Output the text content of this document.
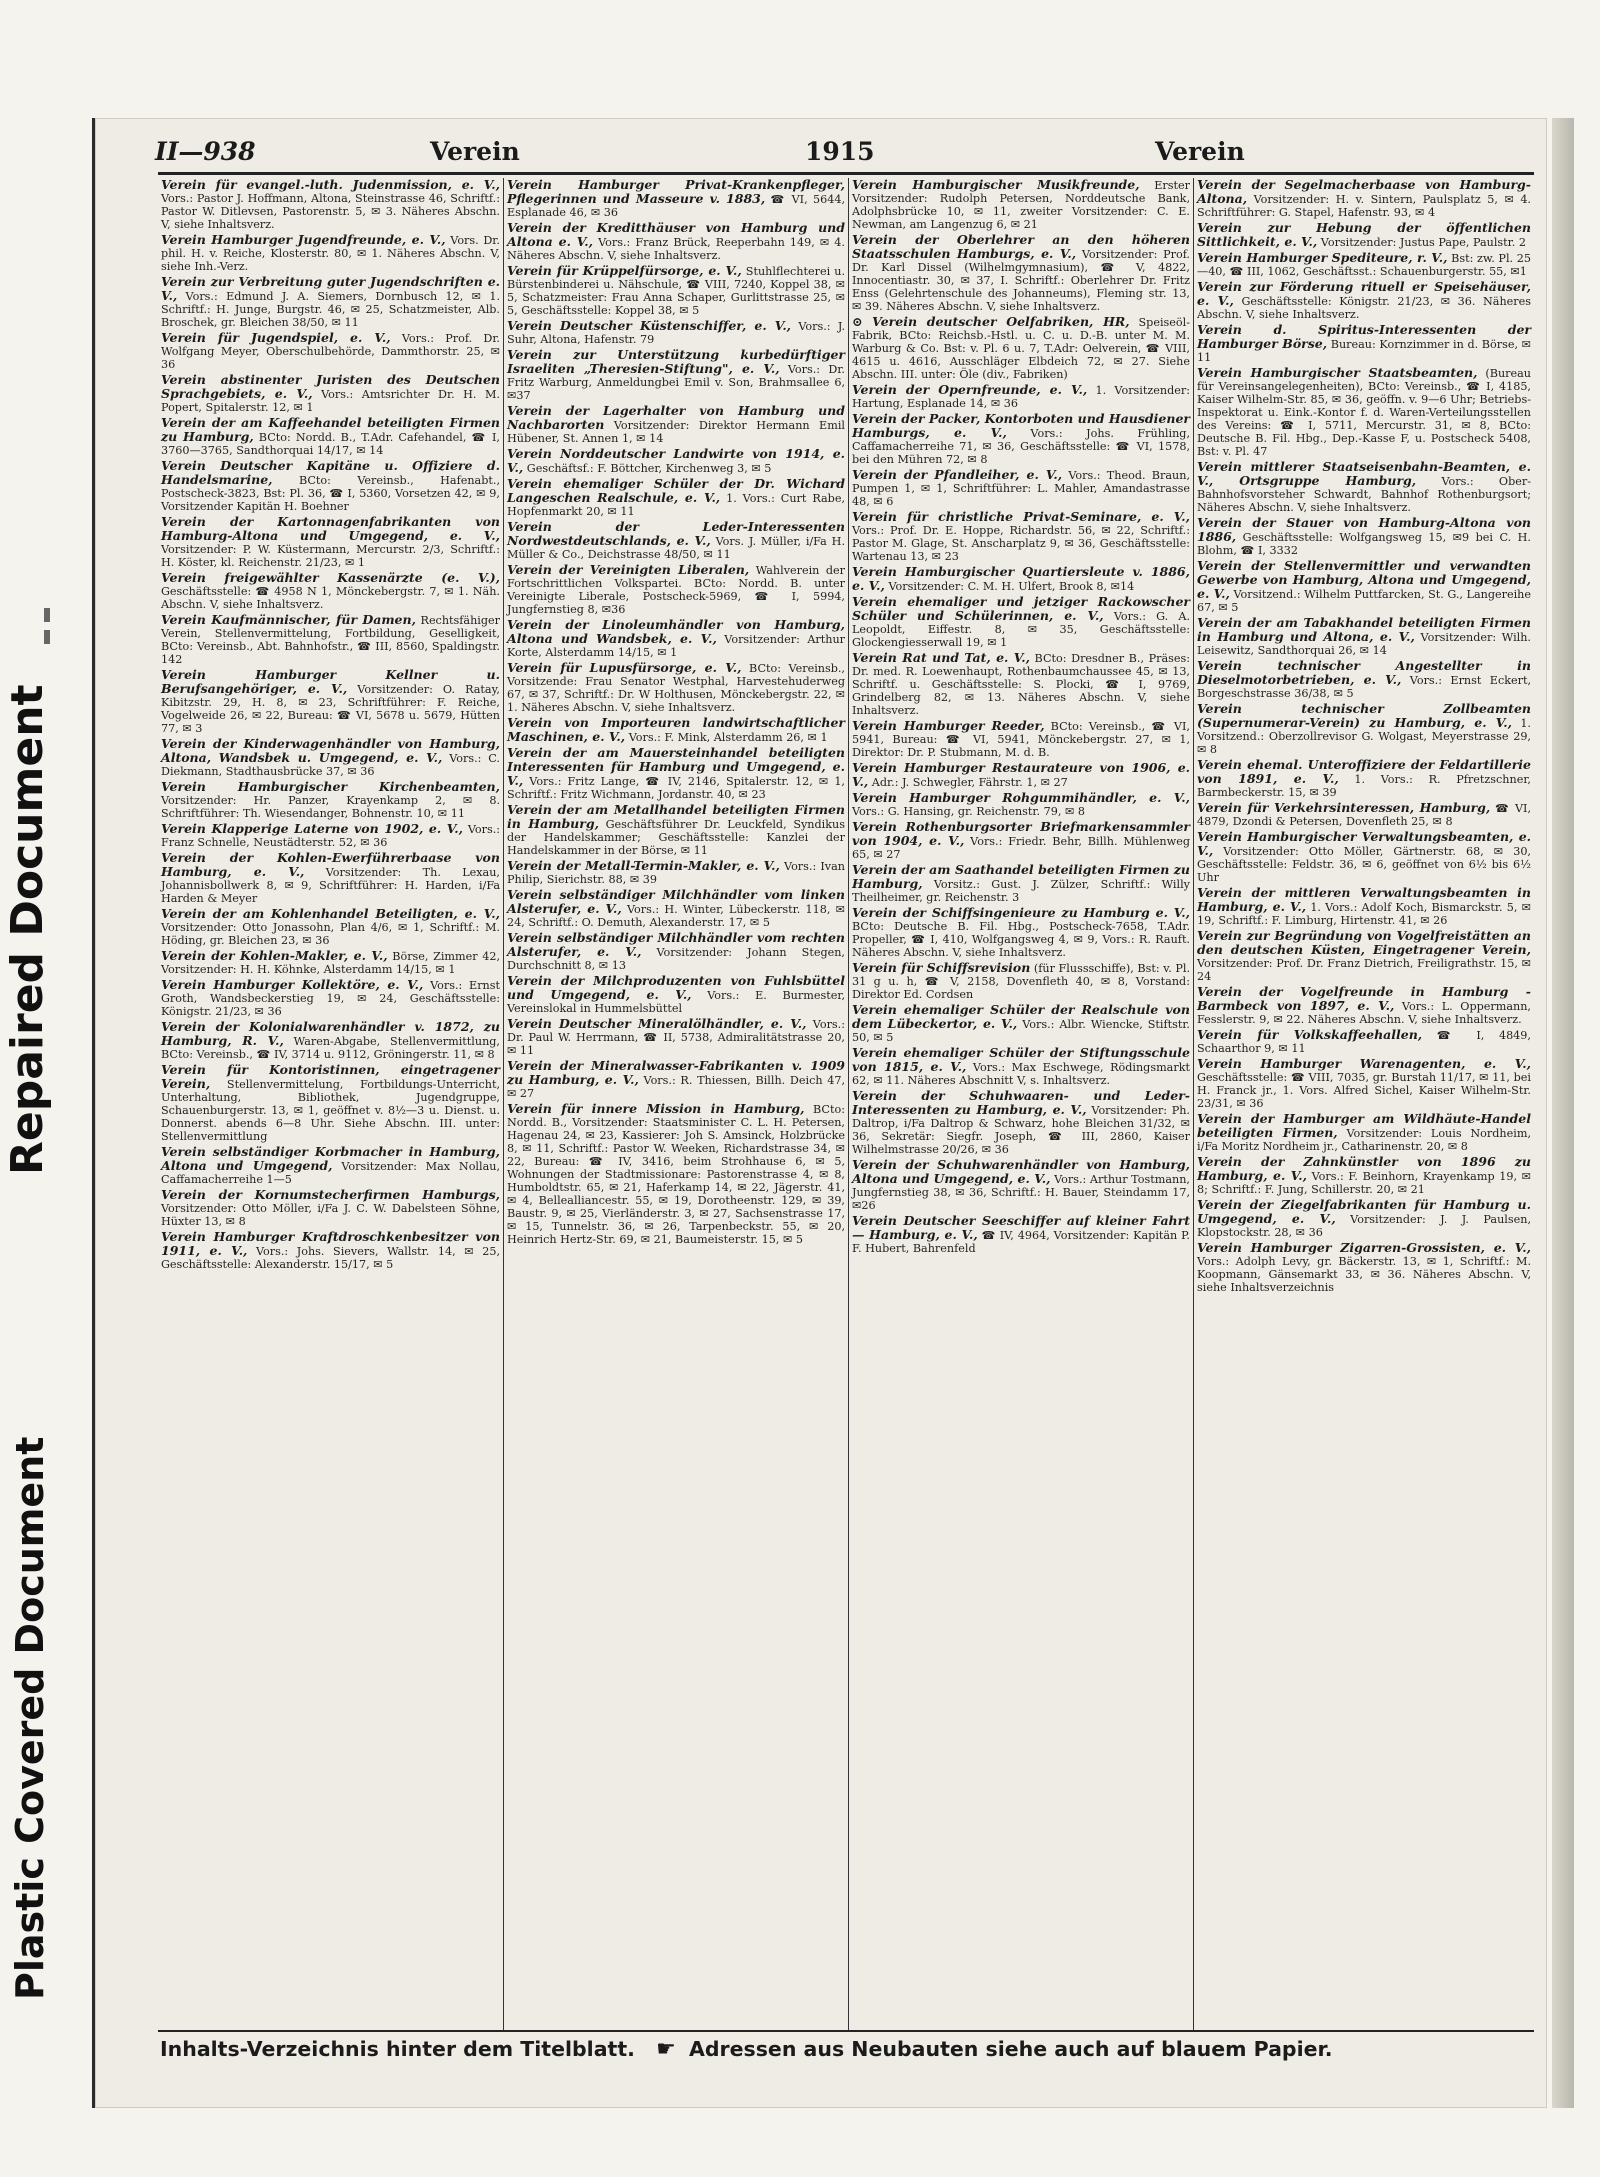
Repaired Document
Plastic Covered Document
II—938	Verein	1915	Verein

Verein für evangel.-luth. Judenmission, e. V., Vors.: Pastor J. Hoffmann, Altona, Steinstrasse 46, Schriftf.: Pastor W. Ditlevsen, Pastorenstr. 5, ✉ 3. Näheres Abschn. V, siehe Inhaltsverz.

Verein Hamburger Jugendfreunde, e. V., Vors. Dr. phil. H. v. Reiche, Klosterstr. 80, ✉ 1. Näheres Abschn. V, siehe Inh.-Verz.

Verein zur Verbreitung guter Jugendschriften e. V., Vors.: Edmund J. A. Siemers, Dornbusch 12, ✉ 1. Schriftf.: H. Junge, Burgstr. 46, ✉ 25, Schatzmeister, Alb. Broschek, gr. Bleichen 38/50, ✉ 11

Verein für Jugendspiel, e. V., Vors.: Prof. Dr. Wolfgang Meyer, Oberschulbehörde, Dammthorstr. 25, ✉ 36

Verein abstinenter Juristen des Deutschen Sprachgebiets, e. V., Vors.: Amtsrichter Dr. H. M. Popert, Spitalerstr. 12, ✉ 1

Verein der am Kaffeehandel beteiligten Firmen zu Hamburg, BCto: Nordd. B., T.Adr. Cafehandel, ☎ I, 3760—3765, Sandthorquai 14/17, ✉ 14

Verein Deutscher Kapitäne u. Offiziere d. Handelsmarine, BCto: Vereinsb., Hafenabt., Postscheck-3823, Bst: Pl. 36, ☎ I, 5360, Vorsetzen 42, ✉ 9, Vorsitzender Kapitän H. Boehner

Verein der Kartonnagenfabrikanten von Hamburg-Altona und Umgegend, e. V., Vorsitzender: P. W. Küstermann, Mercurstr. 2/3, Schriftf.: H. Köster, kl. Reichenstr. 21/23, ✉ 1

Verein freigewählter Kassenärzte (e. V.), Geschäftsstelle: ☎ 4958 N 1, Mönckebergstr. 7, ✉ 1. Näh. Abschn. V, siehe Inhaltsverz.

Verein Kaufmännischer, für Damen, Rechtsfähiger Verein, Stellenvermittelung, Fortbildung, Geselligkeit, BCto: Vereinsb., Abt. Bahnhofstr., ☎ III, 8560, Spaldingstr. 142

Verein Hamburger Kellner u. Berufsangehöriger, e. V., Vorsitzender: O. Ratay, Kibitzstr. 29, H. 8, ✉ 23, Schriftführer: F. Reiche, Vogelweide 26, ✉ 22, Bureau: ☎ VI, 5678 u. 5679, Hütten 77, ✉ 3

Verein der Kinderwagenhändler von Hamburg, Altona, Wandsbek u. Umgegend, e. V., Vors.: C. Diekmann, Stadthausbrücke 37, ✉ 36

Verein Hamburgischer Kirchenbeamten, Vorsitzender: Hr. Panzer, Krayenkamp 2, ✉ 8. Schriftführer: Th. Wiesendanger, Bohnenstr. 10, ✉ 11

Verein Klapperige Laterne von 1902, e. V., Vors.: Franz Schnelle, Neustädterstr. 52, ✉ 36

Verein der Kohlen-Ewerführerbaase von Hamburg, e. V., Vorsitzender: Th. Lexau, Johannisbollwerk 8, ✉ 9, Schriftführer: H. Harden, i/Fa Harden & Meyer

Verein der am Kohlenhandel Beteiligten, e. V., Vorsitzender: Otto Jonassohn, Plan 4/6, ✉ 1, Schriftf.: M. Höding, gr. Bleichen 23, ✉ 36

Verein der Kohlen-Makler, e. V., Börse, Zimmer 42, Vorsitzender: H. H. Köhnke, Alsterdamm 14/15, ✉ 1

Verein Hamburger Kollektöre, e. V., Vors.: Ernst Groth, Wandsbeckerstieg 19, ✉ 24, Geschäftsstelle: Königstr. 21/23, ✉ 36

Verein der Kolonialwarenhändler v. 1872, zu Hamburg, R. V., Waren-Abgabe, Stellenvermittlung, BCto: Vereinsb., ☎ IV, 3714 u. 9112, Gröningerstr. 11, ✉ 8

Verein für Kontoristinnen, eingetragener Verein, Stellenvermittelung, Fortbildungs-Unterricht, Unterhaltung, Bibliothek, Jugendgruppe, Schauenburgerstr. 13, ✉ 1, geöffnet v. 8½—3 u. Dienst. u. Donnerst. abends 6—8 Uhr. Siehe Abschn. III. unter: Stellenvermittlung

Verein selbständiger Korbmacher in Hamburg, Altona und Umgegend, Vorsitzender: Max Nollau, Caffamacherreihe 1—5

Verein der Kornumstecherfirmen Hamburgs, Vorsitzender: Otto Möller, i/Fa J. C. W. Dabelsteen Söhne, Hüxter 13, ✉ 8

Verein Hamburger Kraftdroschkenbesitzer von 1911, e. V., Vors.: Johs. Sievers, Wallstr. 14, ✉ 25, Geschäftsstelle: Alexanderstr. 15/17, ✉ 5

Verein Hamburger Privat-Krankenpfleger, Pflegerinnen und Masseure v. 1883, ☎ VI, 5644, Esplanade 46, ✉ 36

Verein der Kreditthäuser von Hamburg und Altona e. V., Vors.: Franz Brück, Reeperbahn 149, ✉ 4. Näheres Abschn. V, siehe Inhaltsverz.

Verein für Krüppelfürsorge, e. V., Stuhlflechterei u. Bürstenbinderei u. Nähschule, ☎ VIII, 7240, Koppel 38, ✉ 5, Schatzmeister: Frau Anna Schaper, Gurlittstrasse 25, ✉ 5, Geschäftsstelle: Koppel 38, ✉ 5

Verein Deutscher Küstenschiffer, e. V., Vors.: J. Suhr, Altona, Hafenstr. 79

Verein zur Unterstützung kurbedürftiger Israeliten „Theresien-Stiftung", e. V., Vors.: Dr. Fritz Warburg, Anmeldungbei Emil v. Son, Brahmsallee 6, ✉37

Verein der Lagerhalter von Hamburg und Nachbarorten Vorsitzender: Direktor Hermann Emil Hübener, St. Annen 1, ✉ 14

Verein Norddeutscher Landwirte von 1914, e. V., Geschäftsf.: F. Böttcher, Kirchenweg 3, ✉ 5

Verein ehemaliger Schüler der Dr. Wichard Langeschen Realschule, e. V., 1. Vors.: Curt Rabe, Hopfenmarkt 20, ✉ 11

Verein der Leder-Interessenten Nordwestdeutschlands, e. V., Vors. J. Müller, i/Fa H. Müller & Co., Deichstrasse 48/50, ✉ 11

Verein der Vereinigten Liberalen, Wahlverein der Fortschrittlichen Volkspartei. BCto: Nordd. B. unter Vereinigte Liberale, Postscheck-5969, ☎ I, 5994, Jungfernstieg 8, ✉36

Verein der Linoleumhändler von Hamburg, Altona und Wandsbek, e. V., Vorsitzender: Arthur Korte, Alsterdamm 14/15, ✉ 1

Verein für Lupusfürsorge, e. V., BCto: Vereinsb., Vorsitzende: Frau Senator Westphal, Harvestehuderweg 67, ✉ 37, Schriftf.: Dr. W Holthusen, Mönckebergstr. 22, ✉ 1. Näheres Abschn. V, siehe Inhaltsverz.

Verein von Importeuren landwirtschaftlicher Maschinen, e. V., Vors.: F. Mink, Alsterdamm 26, ✉ 1

Verein der am Mauersteinhandel beteiligten Interessenten für Hamburg und Umgegend, e. V., Vors.: Fritz Lange, ☎ IV, 2146, Spitalerstr. 12, ✉ 1, Schriftf.: Fritz Wichmann, Jordanstr. 40, ✉ 23

Verein der am Metallhandel beteiligten Firmen in Hamburg, Geschäftsführer Dr. Leuckfeld, Syndikus der Handelskammer; Geschäftsstelle: Kanzlei der Handelskammer in der Börse, ✉ 11

Verein der Metall-Termin-Makler, e. V., Vors.: Ivan Philip, Sierichstr. 88, ✉ 39

Verein selbständiger Milchhändler vom linken Alsterufer, e. V., Vors.: H. Winter, Lübeckerstr. 118, ✉ 24, Schriftf.: O. Demuth, Alexanderstr. 17, ✉ 5

Verein selbständiger Milchhändler vom rechten Alsterufer, e. V., Vorsitzender: Johann Stegen, Durchschnitt 8, ✉ 13

Verein der Milchproduzenten von Fuhlsbüttel und Umgegend, e. V., Vors.: E. Burmester, Vereinslokal in Hummelsbüttel

Verein Deutscher Mineralölhändler, e. V., Vors.: Dr. Paul W. Herrmann, ☎ II, 5738, Admiralitätstrasse 20, ✉ 11

Verein der Mineralwasser-Fabrikanten v. 1909 zu Hamburg, e. V., Vors.: R. Thiessen, Billh. Deich 47, ✉ 27

Verein für innere Mission in Hamburg, BCto: Nordd. B., Vorsitzender: Staatsminister C. L. H. Petersen, Hagenau 24, ✉ 23, Kassierer: Joh S. Amsinck, Holzbrücke 8, ✉ 11, Schriftf.: Pastor W. Weeken, Richardstrasse 34, ✉ 22, Bureau: ☎ IV, 3416, beim Strohhause 6, ✉ 5, Wohnungen der Stadtmissionare: Pastorenstrasse 4, ✉ 8, Humboldtstr. 65, ✉ 21, Haferkamp 14, ✉ 22, Jägerstr. 41, ✉ 4, Bellealliancestr. 55, ✉ 19, Dorotheenstr. 129, ✉ 39, Baustr. 9, ✉ 25, Vierländerstr. 3, ✉ 27, Sachsenstrasse 17, ✉ 15, Tunnelstr. 36, ✉ 26, Tarpenbeckstr. 55, ✉ 20, Heinrich Hertz-Str. 69, ✉ 21, Baumeisterstr. 15, ✉ 5

Verein Hamburgischer Musikfreunde, Erster Vorsitzender: Rudolph Petersen, Norddeutsche Bank, Adolphsbrücke 10, ✉ 11, zweiter Vorsitzender: C. E. Newman, am Langenzug 6, ✉ 21

Verein der Oberlehrer an den höheren Staatsschulen Hamburgs, e. V., Vorsitzender: Prof. Dr. Karl Dissel (Wilhelmgymnasium), ☎ V, 4822, Innocentiastr. 30, ✉ 37, I. Schriftf.: Oberlehrer Dr. Fritz Enss (Gelehrtenschule des Johanneums), Fleming str. 13, ✉ 39. Näheres Abschn. V, siehe Inhaltsverz.

⊙ Verein deutscher Oelfabriken, HR, Speiseöl-Fabrik, BCto: Reichsb.-Hstl. u. C. u. D.-B. unter M. M. Warburg & Co. Bst: v. Pl. 6 u. 7, T.Adr: Oelverein, ☎ VIII, 4615 u. 4616, Ausschläger Elbdeich 72, ✉ 27. Siehe Abschn. III. unter: Öle (div., Fabriken)

Verein der Opernfreunde, e. V., 1. Vorsitzender: Hartung, Esplanade 14, ✉ 36

Verein der Packer, Kontorboten und Hausdiener Hamburgs, e. V., Vors.: Johs. Frühling, Caffamacherreihe 71, ✉ 36, Geschäftsstelle: ☎ VI, 1578, bei den Mühren 72, ✉ 8

Verein der Pfandleiher, e. V., Vors.: Theod. Braun, Pumpen 1, ✉ 1, Schriftführer: L. Mahler, Amandastrasse 48, ✉ 6

Verein für christliche Privat-Seminare, e. V., Vors.: Prof. Dr. E. Hoppe, Richardstr. 56, ✉ 22, Schriftf.: Pastor M. Glage, St. Anscharplatz 9, ✉ 36, Geschäftsstelle: Wartenau 13, ✉ 23

Verein Hamburgischer Quartiersleute v. 1886, e. V., Vorsitzender: C. M. H. Ulfert, Brook 8, ✉14

Verein ehemaliger und jetziger Rackowscher Schüler und Schülerinnen, e. V., Vors.: G. A. Leopoldt, Eiffestr. 8, ✉ 35, Geschäftsstelle: Glockengiesserwall 19, ✉ 1

Verein Rat und Tat, e. V., BCto: Dresdner B., Präses: Dr. med. R. Loewenhaupt, Rothenbaumchaussee 45, ✉ 13, Schriftf. u. Geschäftsstelle: S. Plocki, ☎ I, 9769, Grindelberg 82, ✉ 13. Näheres Abschn. V, siehe Inhaltsverz.

Verein Hamburger Reeder, BCto: Vereinsb., ☎ VI, 5941, Bureau: ☎ VI, 5941, Mönckebergstr. 27, ✉ 1, Direktor: Dr. P. Stubmann, M. d. B.

Verein Hamburger Restaurateure von 1906, e. V., Adr.: J. Schwegler, Fährstr. 1, ✉ 27

Verein Hamburger Rohgummihändler, e. V., Vors.: G. Hansing, gr. Reichenstr. 79, ✉ 8

Verein Rothenburgsorter Briefmarkensammler von 1904, e. V., Vors.: Friedr. Behr, Billh. Mühlenweg 65, ✉ 27

Verein der am Saathandel beteiligten Firmen zu Hamburg, Vorsitz.: Gust. J. Zülzer, Schriftf.: Willy Theilheimer, gr. Reichenstr. 3

Verein der Schiffsingenieure zu Hamburg e. V., BCto: Deutsche B. Fil. Hbg., Postscheck-7658, T.Adr. Propeller, ☎ I, 410, Wolfgangsweg 4, ✉ 9, Vors.: R. Rauft. Näheres Abschn. V, siehe Inhaltsverz.

Verein für Schiffsrevision (für Flussschiffe), Bst: v. Pl. 31 g u. h, ☎ V, 2158, Dovenfleth 40, ✉ 8, Vorstand: Direktor Ed. Cordsen

Verein ehemaliger Schüler der Realschule von dem Lübeckertor, e. V., Vors.: Albr. Wiencke, Stiftstr. 50, ✉ 5

Verein ehemaliger Schüler der Stiftungsschule von 1815, e. V., Vors.: Max Eschwege, Rödingsmarkt 62, ✉ 11. Näheres Abschnitt V, s. Inhaltsverz.

Verein der Schuhwaaren- und Leder-Interessenten zu Hamburg, e. V., Vorsitzender: Ph. Daltrop, i/Fa Daltrop & Schwarz, hohe Bleichen 31/32, ✉ 36, Sekretär: Siegfr. Joseph, ☎ III, 2860, Kaiser Wilhelmstrasse 20/26, ✉ 36

Verein der Schuhwarenhändler von Hamburg, Altona und Umgegend, e. V., Vors.: Arthur Tostmann, Jungfernstieg 38, ✉ 36, Schriftf.: H. Bauer, Steindamm 17, ✉26

Verein Deutscher Seeschiffer auf kleiner Fahrt — Hamburg, e. V., ☎ IV, 4964, Vorsitzender: Kapitän P. F. Hubert, Bahrenfeld

Verein der Segelmacherbaase von Hamburg-Altona, Vorsitzender: H. v. Sintern, Paulsplatz 5, ✉ 4. Schriftführer: G. Stapel, Hafenstr. 93, ✉ 4

Verein zur Hebung der öffentlichen Sittlichkeit, e. V., Vorsitzender: Justus Pape, Paulstr. 2

Verein Hamburger Spediteure, r. V., Bst: zw. Pl. 25—40, ☎ III, 1062, Geschäftsst.: Schauenburgerstr. 55, ✉1

Verein zur Förderung rituell er Speisehäuser, e. V., Geschäftsstelle: Königstr. 21/23, ✉ 36. Näheres Abschn. V, siehe Inhaltsverz.

Verein d. Spiritus-Interessenten der Hamburger Börse, Bureau: Kornzimmer in d. Börse, ✉11

Verein Hamburgischer Staatsbeamten, (Bureau für Vereinsangelegenheiten), BCto: Vereinsb., ☎ I, 4185, Kaiser Wilhelm-Str. 85, ✉ 36, geöffn. v. 9—6 Uhr; Betriebs-Inspektorat u. Eink.-Kontor f. d. Waren-Verteilungsstellen des Vereins: ☎ I, 5711, Mercurstr. 31, ✉ 8, BCto: Deutsche B. Fil. Hbg., Dep.-Kasse F, u. Postscheck 5408, Bst: v. Pl. 47

Verein mittlerer Staatseisenbahn-Beamten, e. V., Ortsgruppe Hamburg, Vors.: Ober-Bahnhofsvorsteher Schwardt, Bahnhof Rothenburgsort; Näheres Abschn. V, siehe Inhaltsverz.

Verein der Stauer von Hamburg-Altona von 1886, Geschäftsstelle: Wolfgangsweg 15, ✉9 bei C. H. Blohm, ☎ I, 3332

Verein der Stellenvermittler und verwandten Gewerbe von Hamburg, Altona und Umgegend, e. V., Vorsitzend.: Wilhelm Puttfarcken, St. G., Langereihe 67, ✉ 5

Verein der am Tabakhandel beteiligten Firmen in Hamburg und Altona, e. V., Vorsitzender: Wilh. Leisewitz, Sandthorquai 26, ✉ 14

Verein technischer Angestellter in Dieselmotorbetrieben, e. V., Vors.: Ernst Eckert, Borgeschstrasse 36/38, ✉ 5

Verein technischer Zollbeamten (Supernumerar-Verein) zu Hamburg, e. V., 1. Vorsitzend.: Oberzollrevisor G. Wolgast, Meyerstrasse 29, ✉ 8

Verein ehemal. Unteroffiziere der Feldartillerie von 1891, e. V., 1. Vors.: R. Pfretzschner, Barmbeckerstr. 15, ✉ 39

Verein für Verkehrsinteressen, Hamburg, ☎ VI, 4879, Dzondi & Petersen, Dovenfleth 25, ✉ 8

Verein Hamburgischer Verwaltungsbeamten, e. V., Vorsitzender: Otto Möller, Gärtnerstr. 68, ✉ 30, Geschäftsstelle: Feldstr. 36, ✉ 6, geöffnet von 6½ bis 6½ Uhr

Verein der mittleren Verwaltungsbeamten in Hamburg, e. V., 1. Vors.: Adolf Koch, Bismarckstr. 5, ✉ 19, Schriftf.: F. Limburg, Hirtenstr. 41, ✉ 26

Verein zur Begründung von Vogelfreistätten an den deutschen Küsten, Eingetragener Verein, Vorsitzender: Prof. Dr. Franz Dietrich, Freiligrathstr. 15, ✉ 24

Verein der Vogelfreunde in Hamburg - Barmbeck von 1897, e. V., Vors.: L. Oppermann, Fesslerstr. 9, ✉ 22. Näheres Abschn. V, siehe Inhaltsverz.

Verein für Volkskaffeehallen, ☎ I, 4849, Schaarthor 9, ✉ 11

Verein Hamburger Warenagenten, e. V., Geschäftsstelle: ☎ VIII, 7035, gr. Burstah 11/17, ✉ 11, bei H. Franck jr., 1. Vors. Alfred Sichel, Kaiser Wilhelm-Str. 23/31, ✉ 36

Verein der Hamburger am Wildhäute-Handel beteiligten Firmen, Vorsitzender: Louis Nordheim, i/Fa Moritz Nordheim jr., Catharinenstr. 20, ✉ 8

Verein der Zahnkünstler von 1896 zu Hamburg, e. V., Vors.: F. Beinhorn, Krayenkamp 19, ✉ 8; Schriftf.: F. Jung, Schillerstr. 20, ✉ 21

Verein der Ziegelfabrikanten für Hamburg u. Umgegend, e. V., Vorsitzender: J. J. Paulsen, Klopstockstr. 28, ✉ 36

Verein Hamburger Zigarren-Grossisten, e. V., Vors.: Adolph Levy, gr. Bäckerstr. 13, ✉ 1, Schriftf.: M. Koopmann, Gänsemarkt 33, ✉ 36. Näheres Abschn. V, siehe Inhaltsverzeichnis

Inhalts-Verzeichnis hinter dem Titelblatt. ☛ Adressen aus Neubauten siehe auch auf blauem Papier.
